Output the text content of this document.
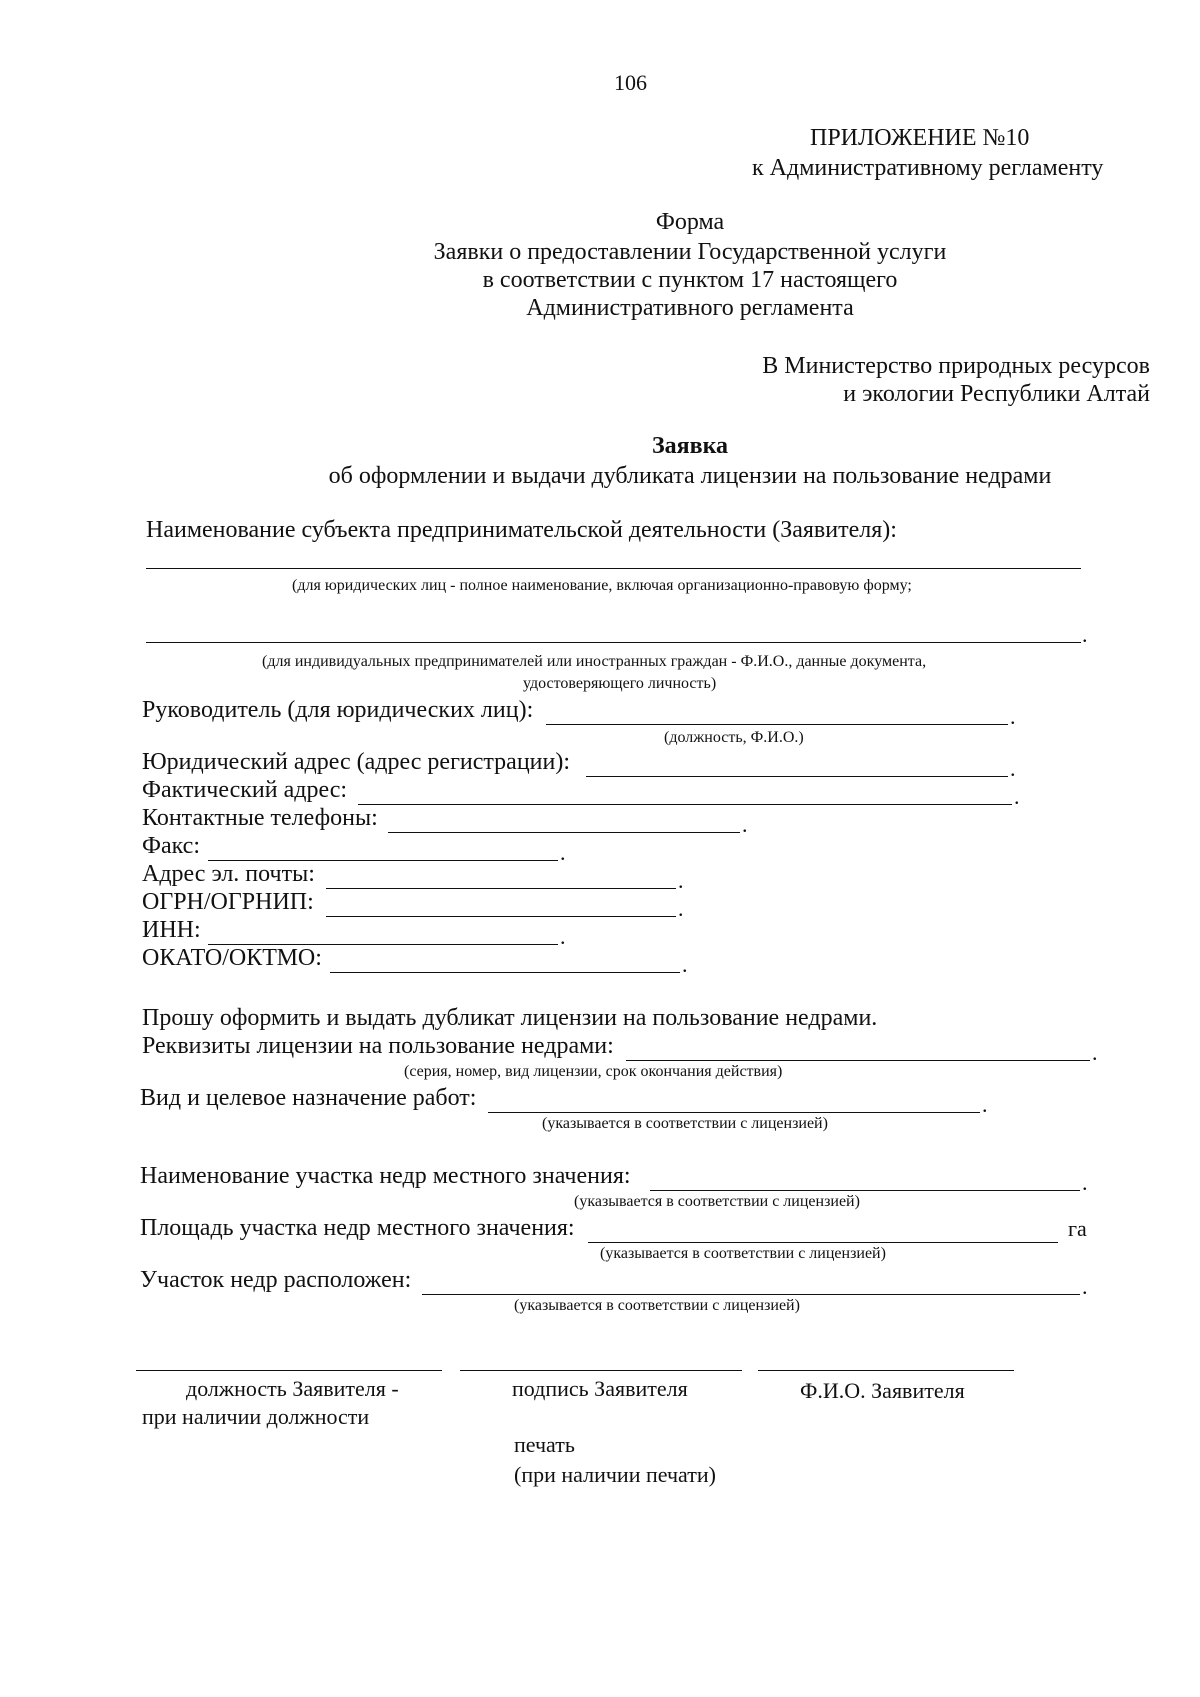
106
ПРИЛОЖЕНИЕ №10
к Административному регламенту
Форма
Заявки о предоставлении Государственной услуги
в соответствии с пунктом 17 настоящего
Административного регламента
В Министерство природных ресурсов
и экологии Республики Алтай
Заявка
об оформлении и выдачи дубликата лицензии на пользование недрами
Наименование субъекта предпринимательской деятельности (Заявителя):
(для юридических лиц - полное наименование, включая организационно-правовую форму;
.
(для индивидуальных предпринимателей или иностранных граждан - Ф.И.О., данные документа,
удостоверяющего личность)
Руководитель (для юридических лиц):	.
(должность, Ф.И.О.)
Юридический адрес (адрес регистрации):	.
Фактический адрес:	.
Контактные телефоны:	.
Факс:	.
Адрес эл. почты:	.
ОГРН/ОГРНИП:	.
ИНН:	.
ОКАТО/ОКТМО:	.
Прошу оформить и выдать дубликат лицензии на пользование недрами.
Реквизиты лицензии на пользование недрами:	.
(серия, номер, вид лицензии, срок окончания действия)
Вид и целевое назначение работ:	.
(указывается в соответствии с лицензией)
Наименование участка недр местного значения:	.
(указывается в соответствии с лицензией)
Площадь участка недр местного значения:	га
(указывается в соответствии с лицензией)
Участок недр расположен:	.
(указывается в соответствии с лицензией)
должность Заявителя -
при наличии должности
подпись Заявителя	Ф.И.О. Заявителя
печать
(при наличии печати)
